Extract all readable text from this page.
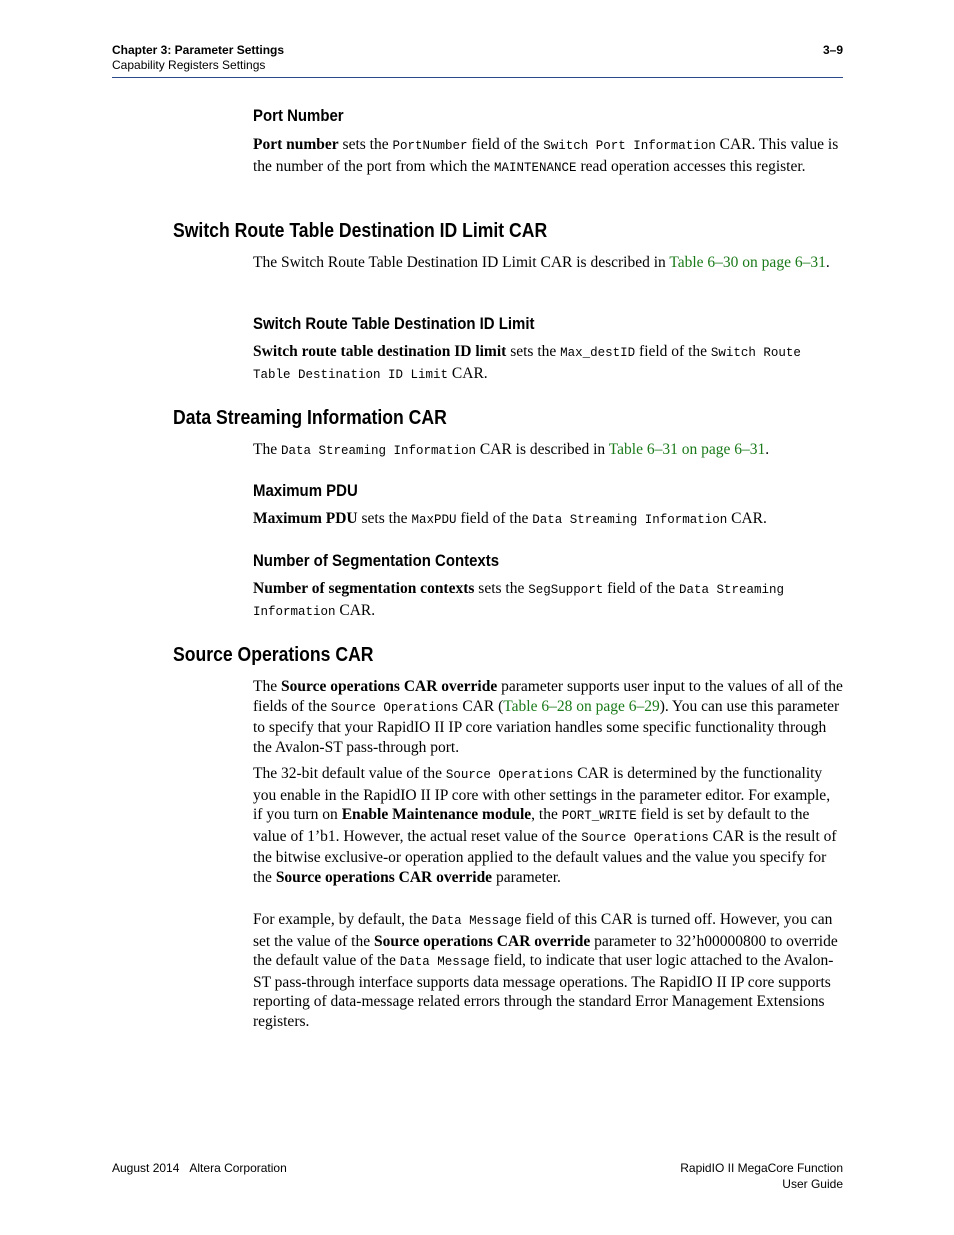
Chapter 3: Parameter Settings
Capability Registers Settings
3–9
Port Number

Port number sets the PortNumber field of the Switch Port Information CAR. This value is the number of the port from which the MAINTENANCE read operation accesses this register.

Switch Route Table Destination ID Limit CAR

The Switch Route Table Destination ID Limit CAR is described in Table 6–30 on page 6–31.

Switch Route Table Destination ID Limit

Switch route table destination ID limit sets the Max_destID field of the Switch Route Table Destination ID Limit CAR.

Data Streaming Information CAR

The Data Streaming Information CAR is described in Table 6–31 on page 6–31.

Maximum PDU

Maximum PDU sets the MaxPDU field of the Data Streaming Information CAR.

Number of Segmentation Contexts

Number of segmentation contexts sets the SegSupport field of the Data Streaming Information CAR.

Source Operations CAR

The Source operations CAR override parameter supports user input to the values of all of the fields of the Source Operations CAR (Table 6–28 on page 6–29). You can use this parameter to specify that your RapidIO II IP core variation handles some specific functionality through the Avalon-ST pass-through port.

The 32-bit default value of the Source Operations CAR is determined by the functionality you enable in the RapidIO II IP core with other settings in the parameter editor. For example, if you turn on Enable Maintenance module, the PORT_WRITE field is set by default to the value of 1’b1. However, the actual reset value of the Source Operations CAR is the result of the bitwise exclusive-or operation applied to the default values and the value you specify for the Source operations CAR override parameter.

For example, by default, the Data Message field of this CAR is turned off. However, you can set the value of the Source operations CAR override parameter to 32’h00000800 to override the default value of the Data Message field, to indicate that user logic attached to the Avalon-ST pass-through interface supports data message operations. The RapidIO II IP core supports reporting of data-message related errors through the standard Error Management Extensions registers.

August 2014 Altera Corporation	RapidIO II MegaCore Function
User Guide
